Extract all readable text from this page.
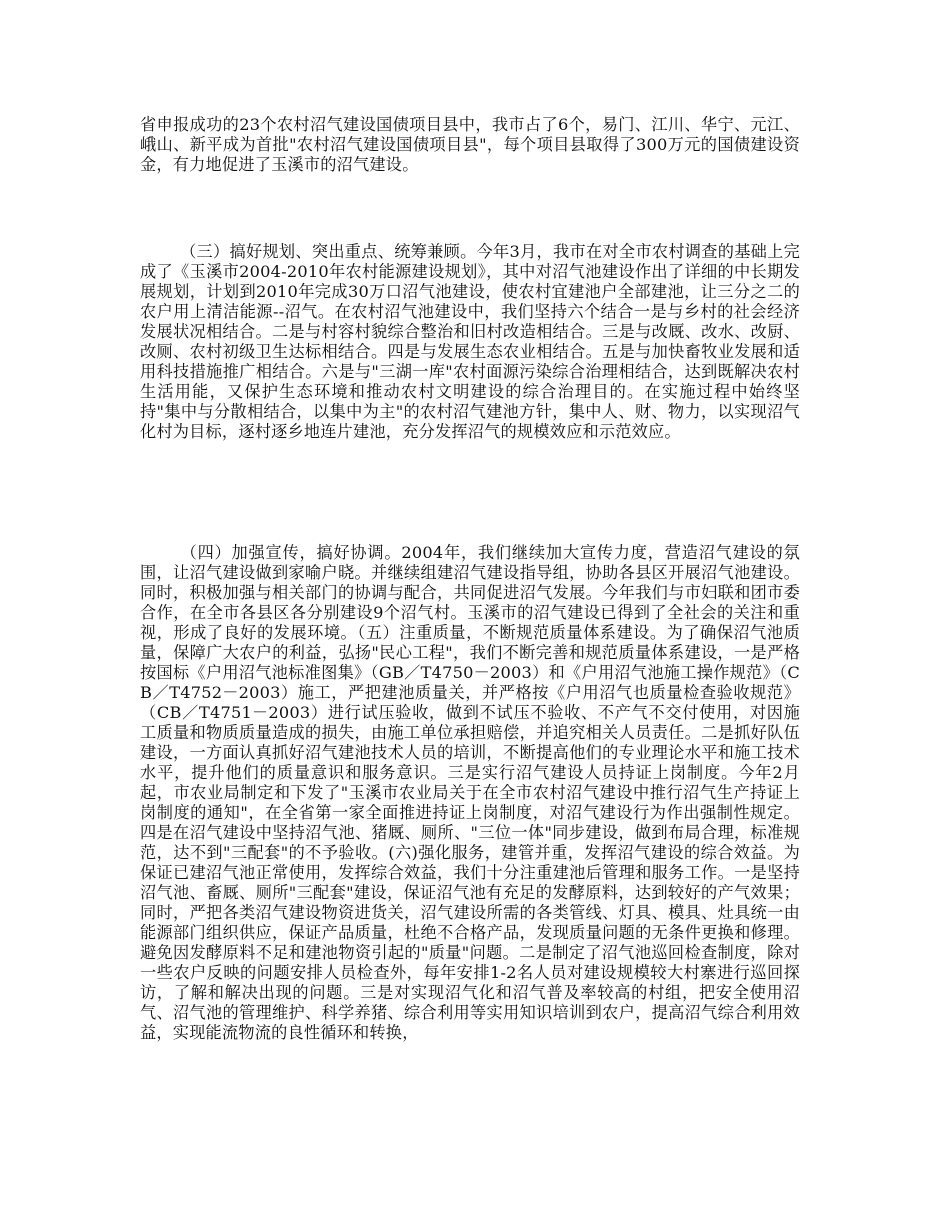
省申报成功的23个农村沼气建设国债项目县中，我市占了6个，易门、江川、华宁、元江、峨山、新平成为首批"农村沼气建设国债项目县"，每个项目县取得了300万元的国债建设资金，有力地促进了玉溪市的沼气建设。

（三）搞好规划、突出重点、统筹兼顾。今年3月，我市在对全市农村调查的基础上完成了《玉溪市2004-2010年农村能源建设规划》，其中对沼气池建设作出了详细的中长期发展规划，计划到2010年完成30万口沼气池建设，使农村宜建池户全部建池，让三分之二的农户用上清洁能源--沼气。在农村沼气池建设中，我们坚持六个结合一是与乡村的社会经济发展状况相结合。二是与村容村貌综合整治和旧村改造相结合。三是与改厩、改水、改厨、改厕、农村初级卫生达标相结合。四是与发展生态农业相结合。五是与加快畜牧业发展和适用科技措施推广相结合。六是与"三湖一库"农村面源污染综合治理相结合，达到既解决农村生活用能，又保护生态环境和推动农村文明建设的综合治理目的。在实施过程中始终坚持"集中与分散相结合，以集中为主"的农村沼气建池方针，集中人、财、物力，以实现沼气化村为目标，逐村逐乡地连片建池，充分发挥沼气的规模效应和示范效应。

（四）加强宣传，搞好协调。2004年，我们继续加大宣传力度，营造沼气建设的氛围，让沼气建设做到家喻户晓。并继续组建沼气建设指导组，协助各县区开展沼气池建设。同时，积极加强与相关部门的协调与配合，共同促进沼气发展。今年我们与市妇联和团市委合作，在全市各县区各分别建设9个沼气村。玉溪市的沼气建设已得到了全社会的关注和重视，形成了良好的发展环境。（五）注重质量，不断规范质量体系建设。为了确保沼气池质量，保障广大农户的利益，弘扬"民心工程"，我们不断完善和规范质量体系建设，一是严格按国标《户用沼气池标准图集》（GB／T4750－2003）和《户用沼气池施工操作规范》（CB／T4752－2003）施工，严把建池质量关，并严格按《户用沼气也质量检查验收规范》（CB／T4751－2003）进行试压验收，做到不试压不验收、不产气不交付使用，对因施工质量和物质质量造成的损失，由施工单位承担赔偿，并追究相关人员责任。二是抓好队伍建设，一方面认真抓好沼气建池技术人员的培训，不断提高他们的专业理论水平和施工技术水平，提升他们的质量意识和服务意识。三是实行沼气建设人员持证上岗制度。今年2月起，市农业局制定和下发了"玉溪市农业局关于在全市农村沼气建设中推行沼气生产持证上岗制度的通知"，在全省第一家全面推进持证上岗制度，对沼气建设行为作出强制性规定。四是在沼气建设中坚持沼气池、猪厩、厕所、"三位一体"同步建设，做到布局合理，标准规范，达不到"三配套"的不予验收。(六)强化服务，建管并重，发挥沼气建设的综合效益。为保证已建沼气池正常使用，发挥综合效益，我们十分注重建池后管理和服务工作。一是坚持沼气池、畜厩、厕所"三配套"建设，保证沼气池有充足的发酵原料，达到较好的产气效果；同时，严把各类沼气建设物资进货关，沼气建设所需的各类管线、灯具、模具、灶具统一由能源部门组织供应，保证产品质量，杜绝不合格产品，发现质量问题的无条件更换和修理。避免因发酵原料不足和建池物资引起的"质量"问题。二是制定了沼气池巡回检查制度，除对一些农户反映的问题安排人员检查外，每年安排1-2名人员对建设规模较大村寨进行巡回探访，了解和解决出现的问题。三是对实现沼气化和沼气普及率较高的村组，把安全使用沼气、沼气池的管理维护、科学养猪、综合利用等实用知识培训到农户，提高沼气综合利用效益，实现能流物流的良性循环和转换，
